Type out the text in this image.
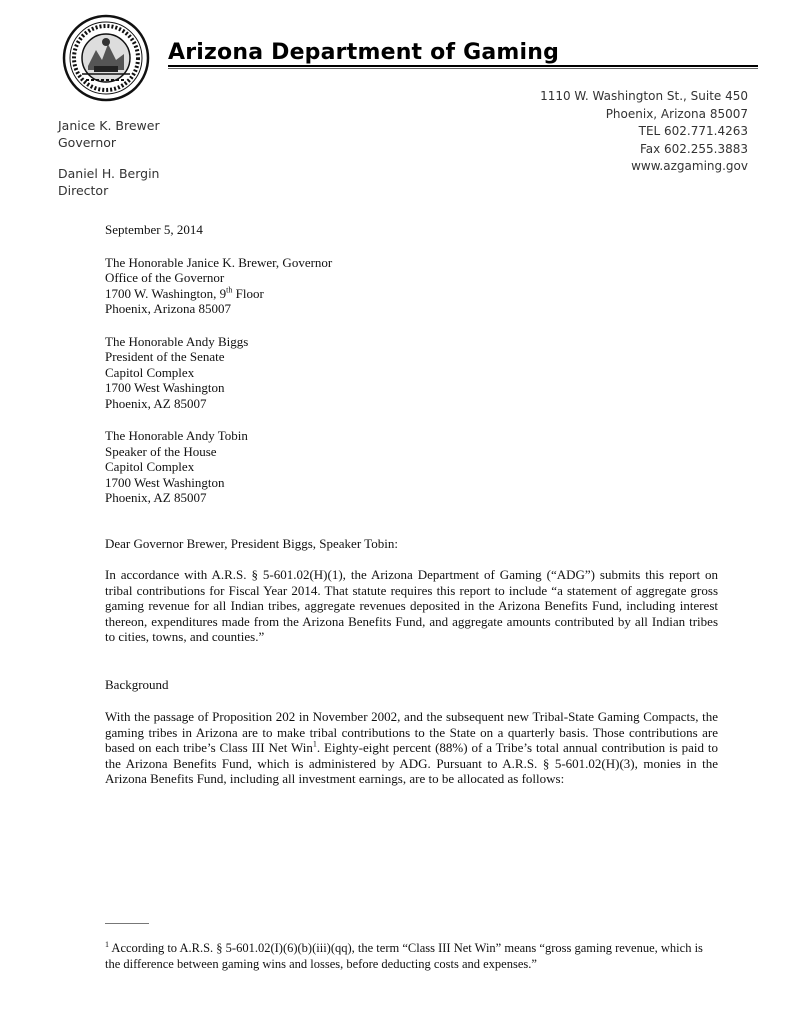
Arizona Department of Gaming
1110 W. Washington St., Suite 450
Phoenix, Arizona 85007
TEL 602.771.4263
Fax 602.255.3883
www.azgaming.gov
Janice K. Brewer
Governor
Daniel H. Bergin
Director
September 5, 2014
The Honorable Janice K. Brewer, Governor
Office of the Governor
1700 W. Washington, 9th Floor
Phoenix, Arizona 85007
The Honorable Andy Biggs
President of the Senate
Capitol Complex
1700 West Washington
Phoenix, AZ 85007
The Honorable Andy Tobin
Speaker of the House
Capitol Complex
1700 West Washington
Phoenix, AZ 85007
Dear Governor Brewer, President Biggs, Speaker Tobin:

In accordance with A.R.S. § 5-601.02(H)(1), the Arizona Department of Gaming (“ADG”) submits this report on tribal contributions for Fiscal Year 2014. That statute requires this report to include “a statement of aggregate gross gaming revenue for all Indian tribes, aggregate revenues deposited in the Arizona Benefits Fund, including interest thereon, expenditures made from the Arizona Benefits Fund, and aggregate amounts contributed by all Indian tribes to cities, towns, and counties.”

Background

With the passage of Proposition 202 in November 2002, and the subsequent new Tribal-State Gaming Compacts, the gaming tribes in Arizona are to make tribal contributions to the State on a quarterly basis. Those contributions are based on each tribe’s Class III Net Win$^1$. Eighty-eight percent (88%) of a Tribe’s total annual contribution is paid to the Arizona Benefits Fund, which is administered by ADG. Pursuant to A.R.S. § 5-601.02(H)(3), monies in the Arizona Benefits Fund, including all investment earnings, are to be allocated as follows:

$^1$ According to A.R.S. § 5-601.02(I)(6)(b)(iii)(qq), the term “Class III Net Win” means “gross gaming revenue, which is the difference between gaming wins and losses, before deducting costs and expenses.”
